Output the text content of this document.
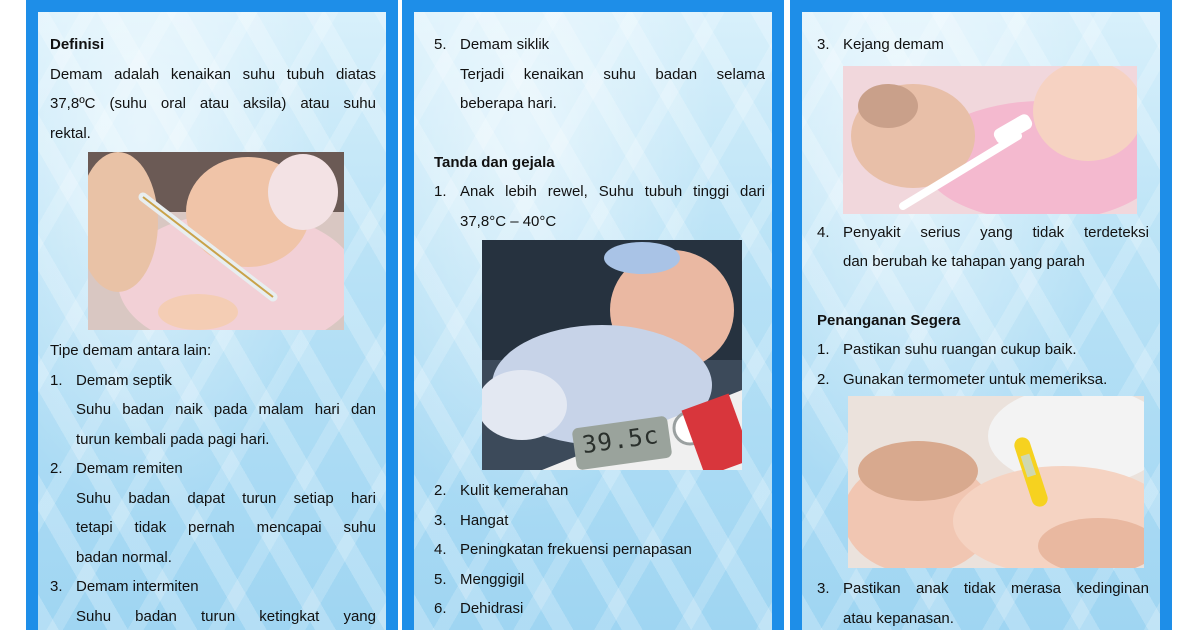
Definisi
Demam adalah kenaikan suhu tubuh diatas
37,8ºC (suhu oral atau aksila) atau suhu
rektal.
Tipe demam antara lain:
1. Demam septik
Suhu badan naik pada malam hari dan
turun kembali pada pagi hari.
2. Demam remiten
Suhu badan dapat turun setiap hari
tetapi tidak pernah mencapai suhu
badan normal.
3. Demam intermiten
Suhu badan turun ketingkat yang
5. Demam siklik
Terjadi kenaikan suhu badan selama
beberapa hari.
Tanda dan gejala
1. Anak lebih rewel, Suhu tubuh tinggi dari
37,8°C – 40°C
39.5c
2. Kulit kemerahan
3. Hangat
4. Peningkatan frekuensi pernapasan
5. Menggigil
6. Dehidrasi
3. Kejang demam
4. Penyakit serius yang tidak terdeteksi
dan berubah ke tahapan yang parah
Penanganan Segera
1. Pastikan suhu ruangan cukup baik.
2. Gunakan termometer untuk memeriksa.
3. Pastikan anak tidak merasa kedinginan
atau kepanasan.
